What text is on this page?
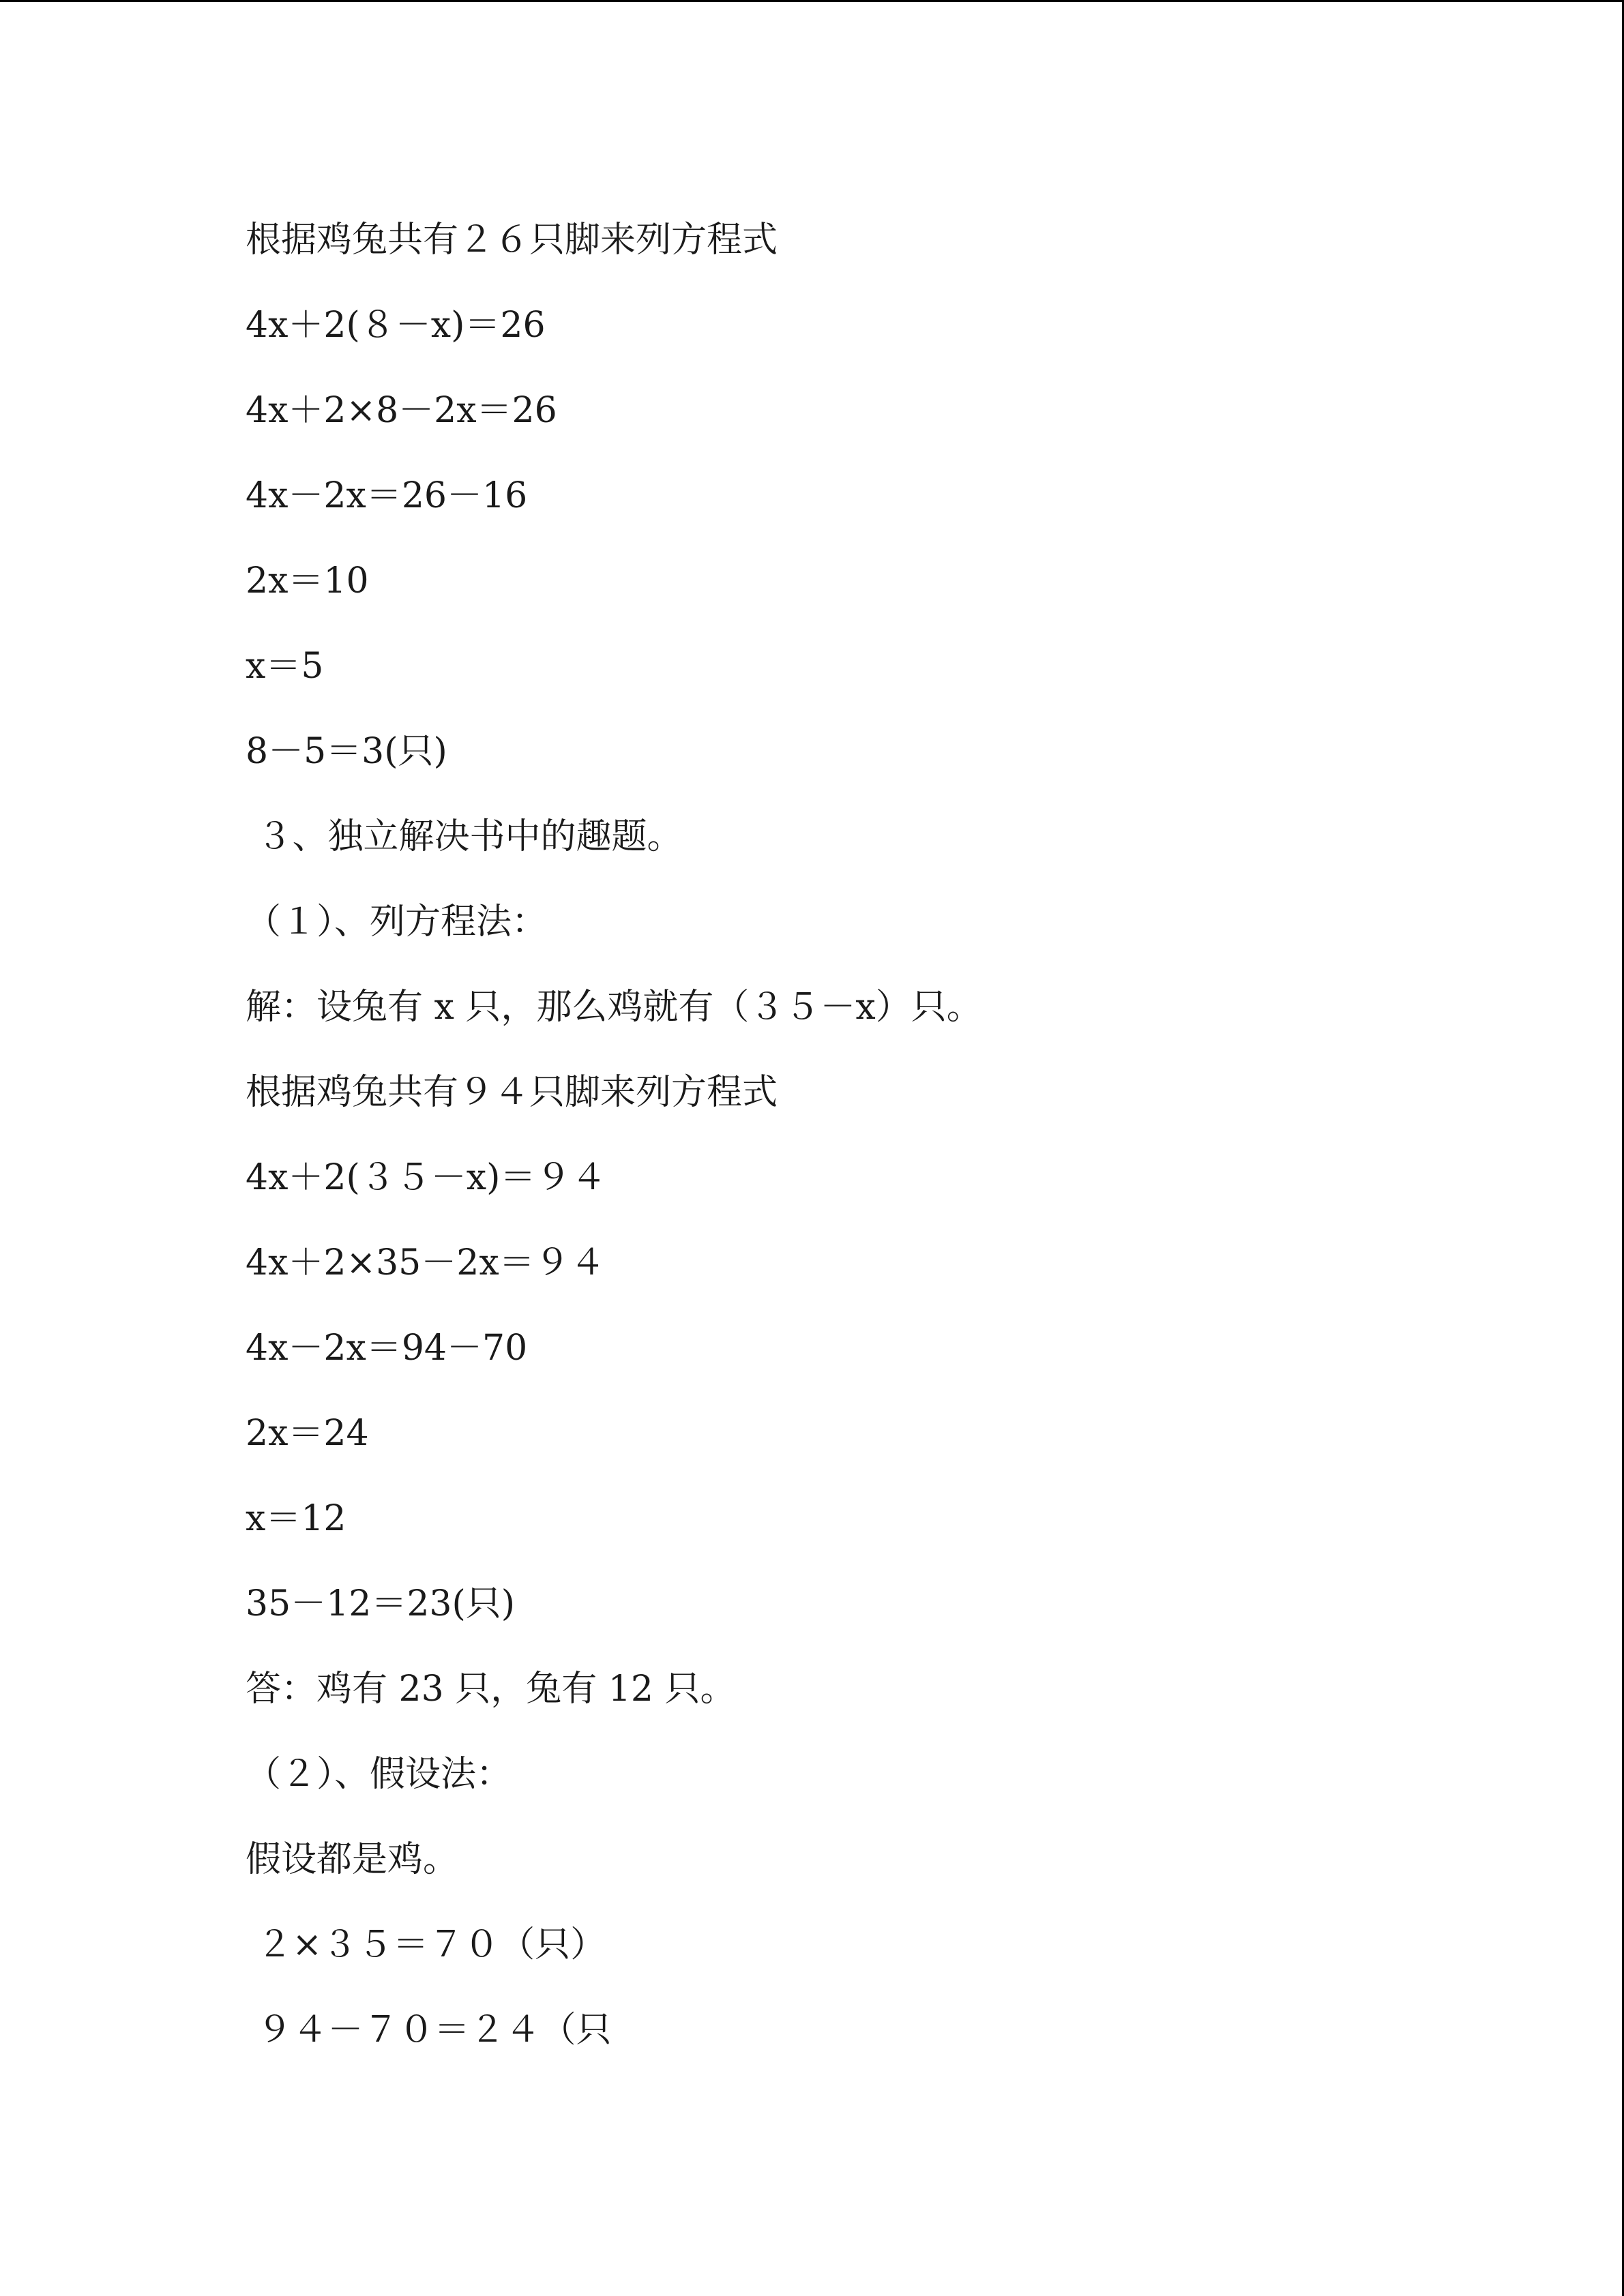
根据鸡兔共有２６只脚来列方程式
4x＋2(８－x)＝26
4x＋2×8－2x＝26
4x－2x＝26－16
2x＝10
x＝5
8－5＝3(只)
３、独立解决书中的趣题。
（１）、列方程法：
解：设兔有 x 只，那么鸡就有（３５－x）只。
根据鸡兔共有９４只脚来列方程式
4x＋2(３５－x)＝９４
4x＋2×35－2x＝９４
4x－2x＝94－70
2x＝24
x＝12
35－12＝23(只)
答：鸡有 23 只，兔有 12 只。
（２）、假设法：
假设都是鸡。
２×３５＝７０（只）
９４－７０＝２４（只
